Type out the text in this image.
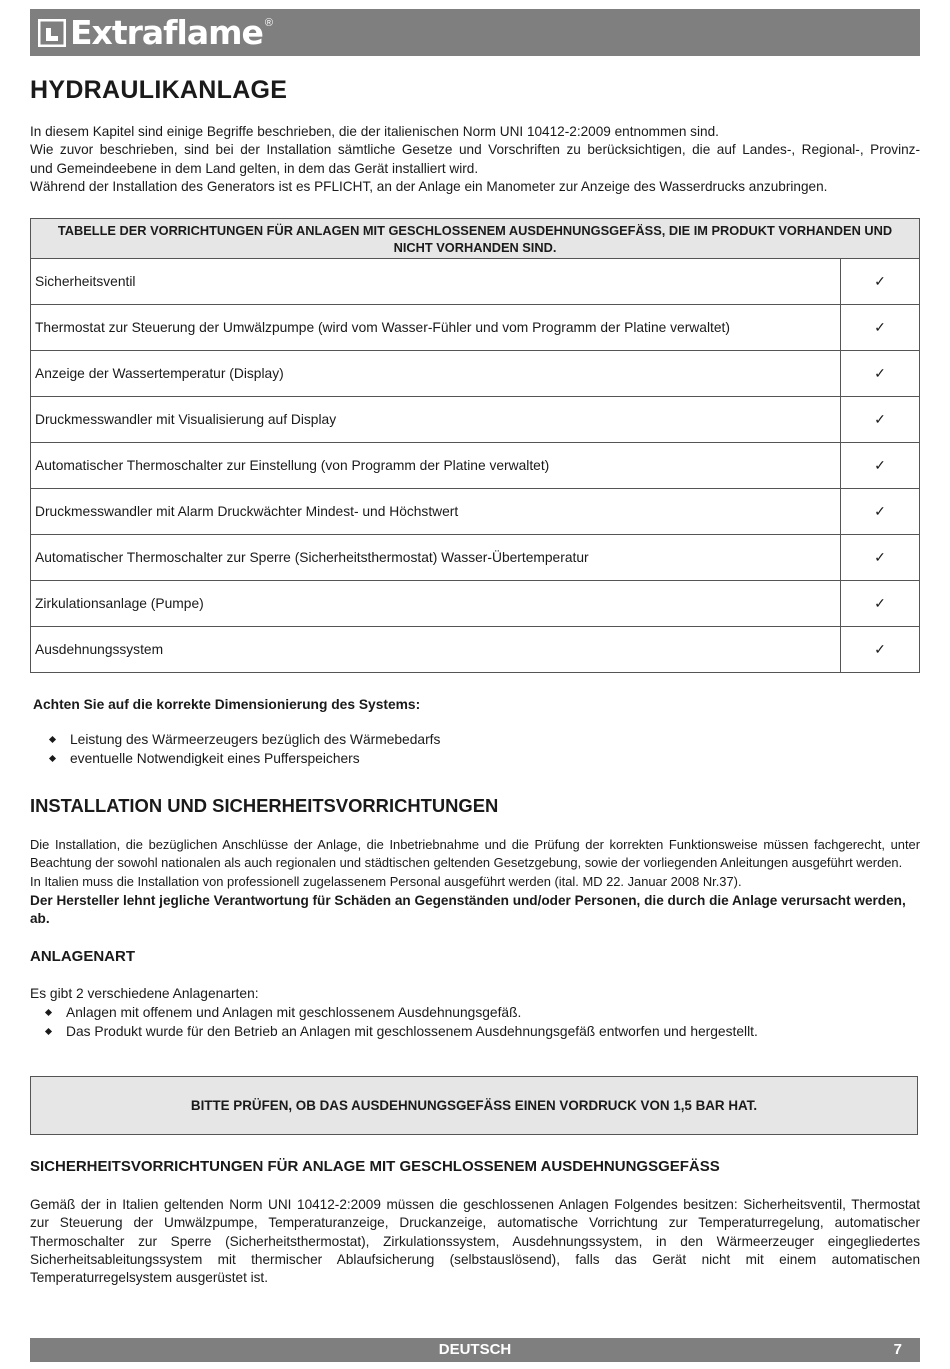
Extraflame ®
HYDRAULIKANLAGE
In diesem Kapitel sind einige Begriffe beschrieben, die der italienischen Norm UNI 10412-2:2009 entnommen sind.
Wie zuvor beschrieben, sind bei der Installation sämtliche Gesetze und Vorschriften zu berücksichtigen, die auf Landes-, Regional-, Provinz-
und Gemeindeebene in dem Land gelten, in dem das Gerät installiert wird.
Während der Installation des Generators ist es PFLICHT, an der Anlage ein Manometer zur Anzeige des Wasserdrucks anzubringen.
TABELLE DER VORRICHTUNGEN FÜR ANLAGEN MIT GESCHLOSSENEM AUSDEHNUNGSGEFÄSS, DIE IM PRODUKT VORHANDEN UND NICHT VORHANDEN SIND.	
Sicherheitsventil	✓
Thermostat zur Steuerung der Umwälzpumpe (wird vom Wasser-Fühler und vom Programm der Platine verwaltet)	✓
Anzeige der Wassertemperatur (Display)	✓
Druckmesswandler mit Visualisierung auf Display	✓
Automatischer Thermoschalter zur Einstellung (von Programm der Platine verwaltet)	✓
Druckmesswandler mit Alarm Druckwächter Mindest- und Höchstwert	✓
Automatischer Thermoschalter zur Sperre (Sicherheitsthermostat) Wasser-Übertemperatur	✓
Zirkulationsanlage (Pumpe)	✓
Ausdehnungssystem	✓

Achten Sie auf die korrekte Dimensionierung des Systems:

Leistung des Wärmeerzeugers bezüglich des Wärmebedarfs
eventuelle Notwendigkeit eines Pufferspeichers
INSTALLATION UND SICHERHEITSVORRICHTUNGEN
Die Installation, die bezüglichen Anschlüsse der Anlage, die Inbetriebnahme und die Prüfung der korrekten Funktionsweise müssen fachgerecht, unter
Beachtung der sowohl nationalen als auch regionalen und städtischen geltenden Gesetzgebung, sowie der vorliegenden Anleitungen ausgeführt werden.
In Italien muss die Installation von professionell zugelassenem Personal ausgeführt werden (ital. MD 22. Januar 2008 Nr.37).
Der Hersteller lehnt jegliche Verantwortung für Schäden an Gegenständen und/oder Personen, die durch die Anlage verursacht werden, ab.
ANLAGENART

Es gibt 2 verschiedene Anlagenarten:

Anlagen mit offenem und Anlagen mit geschlossenem Ausdehnungsgefäß.
Das Produkt wurde für den Betrieb an Anlagen mit geschlossenem Ausdehnungsgefäß entworfen und hergestellt.
BITTE PRÜFEN, OB DAS AUSDEHNUNGSGEFÄSS EINEN VORDRUCK VON 1,5 BAR HAT.
SICHERHEITSVORRICHTUNGEN FÜR ANLAGE MIT GESCHLOSSENEM AUSDEHNUNGSGEFÄSS
Gemäß der in Italien geltenden Norm UNI 10412-2:2009 müssen die geschlossenen Anlagen Folgendes besitzen: Sicherheitsventil, Thermostat
zur Steuerung der Umwälzpumpe, Temperaturanzeige, Druckanzeige, automatische Vorrichtung zur Temperaturregelung, automatischer
Thermoschalter zur Sperre (Sicherheitsthermostat), Zirkulationssystem, Ausdehnungssystem, in den Wärmeerzeuger eingegliedertes
Sicherheitsableitungssystem mit thermischer Ablaufsicherung (selbstauslösend), falls das Gerät nicht mit einem automatischen
Temperaturregelsystem ausgerüstet ist.
DEUTSCH	7
